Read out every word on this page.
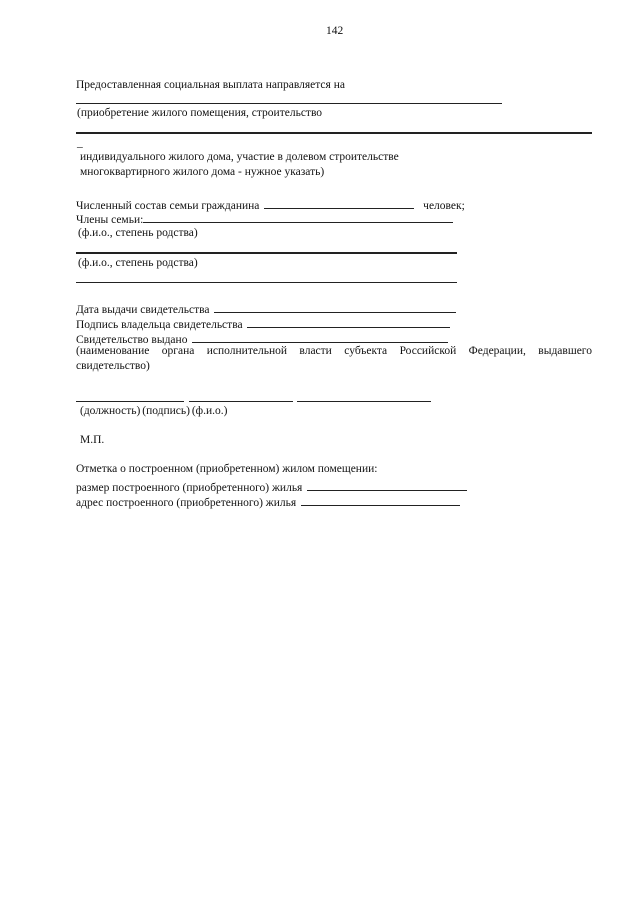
142
Предоставленная социальная выплата направляется на
(приобретение жилого помещения, строительство
_
индивидуального жилого дома, участие в долевом строительстве
многоквартирного жилого дома - нужное указать)
Численный состав семьи гражданина	человек;
Члены семьи:
(ф.и.о., степень родства)
(ф.и.о., степень родства)
Дата выдачи свидетельства
Подпись владельца свидетельства
Свидетельство выдано
(наименование органа исполнительной власти субъекта Российской Федерации, выдавшего
свидетельство)
(должность) (подпись) (ф.и.о.)
М.П.
Отметка о построенном (приобретенном) жилом помещении:
размер построенного (приобретенного) жилья
адрес построенного (приобретенного) жилья
